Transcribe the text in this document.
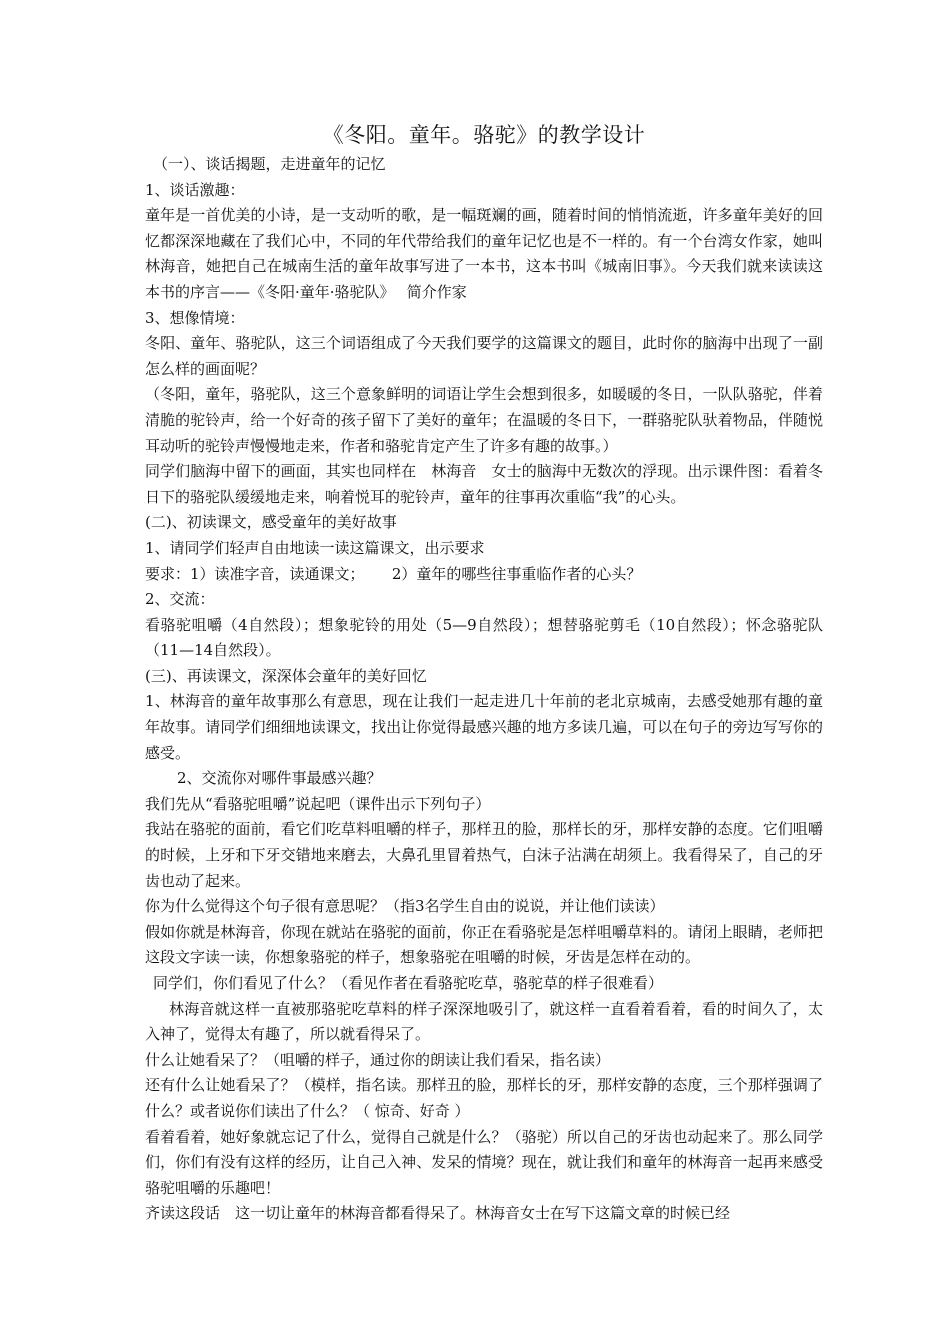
《冬阳。童年。骆驼》的教学设计

（一）、谈话揭题，走进童年的记忆

1、谈话激趣：

童年是一首优美的小诗，是一支动听的歌，是一幅斑斓的画，随着时间的悄悄流逝，许多童年美好的回忆都深深地藏在了我们心中，不同的年代带给我们的童年记忆也是不一样的。有一个台湾女作家，她叫林海音，她把自己在城南生活的童年故事写进了一本书，这本书叫《城南旧事》。今天我们就来读读这本书的序言——《冬阳·童年·骆驼队》　 简介作家

3、想像情境：

冬阳、童年、骆驼队，这三个词语组成了今天我们要学的这篇课文的题目，此时你的脑海中出现了一副怎么样的画面呢？

（冬阳，童年，骆驼队，这三个意象鲜明的词语让学生会想到很多，如暖暖的冬日，一队队骆驼，伴着清脆的驼铃声，给一个好奇的孩子留下了美好的童年；在温暖的冬日下，一群骆驼队驮着物品，伴随悦耳动听的驼铃声慢慢地走来，作者和骆驼肯定产生了许多有趣的故事。）

同学们脑海中留下的画面，其实也同样在　林海音　女士的脑海中无数次的浮现。出示课件图：看着冬日下的骆驼队缓缓地走来，响着悦耳的驼铃声，童年的往事再次重临“我”的心头。

(二)、初读课文，感受童年的美好故事

1、请同学们轻声自由地读一读这篇课文，出示要求

要求：1）读准字音，读通课文；　　 2）童年的哪些往事重临作者的心头？

2、交流：

看骆驼咀嚼（4自然段）；想象驼铃的用处（5—9自然段）；想替骆驼剪毛（10自然段）；怀念骆驼队（11—14自然段）。

(三)、再读课文，深深体会童年的美好回忆

1、林海音的童年故事那么有意思，现在让我们一起走进几十年前的老北京城南，去感受她那有趣的童年故事。请同学们细细地读课文，找出让你觉得最感兴趣的地方多读几遍，可以在句子的旁边写写你的感受。

2、交流你对哪件事最感兴趣？

我们先从“看骆驼咀嚼”说起吧（课件出示下列句子）

我站在骆驼的面前，看它们吃草料咀嚼的样子，那样丑的脸，那样长的牙，那样安静的态度。它们咀嚼的时候，上牙和下牙交错地来磨去，大鼻孔里冒着热气，白沫子沾满在胡须上。我看得呆了，自己的牙齿也动了起来。

你为什么觉得这个句子很有意思呢？（指3名学生自由的说说，并让他们读读）

假如你就是林海音，你现在就站在骆驼的面前，你正在看骆驼是怎样咀嚼草料的。请闭上眼睛，老师把这段文字读一读，你想象骆驼的样子，想象骆驼在咀嚼的时候，牙齿是怎样在动的。

同学们，你们看见了什么？（看见作者在看骆驼吃草，骆驼草的样子很难看）

林海音就这样一直被那骆驼吃草料的样子深深地吸引了，就这样一直看着看着，看的时间久了，太入神了，觉得太有趣了，所以就看得呆了。

什么让她看呆了？（咀嚼的样子，通过你的朗读让我们看呆，指名读）

还有什么让她看呆了？（模样，指名读。那样丑的脸，那样长的牙，那样安静的态度，三个那样强调了什么？或者说你们读出了什么？（ 惊奇、好奇 ）

看着看着，她好象就忘记了什么，觉得自己就是什么？（骆驼）所以自己的牙齿也动起来了。那么同学们，你们有没有这样的经历，让自己入神、发呆的情境？现在，就让我们和童年的林海音一起再来感受骆驼咀嚼的乐趣吧！

齐读这段话　这一切让童年的林海音都看得呆了。林海音女士在写下这篇文章的时候已经
